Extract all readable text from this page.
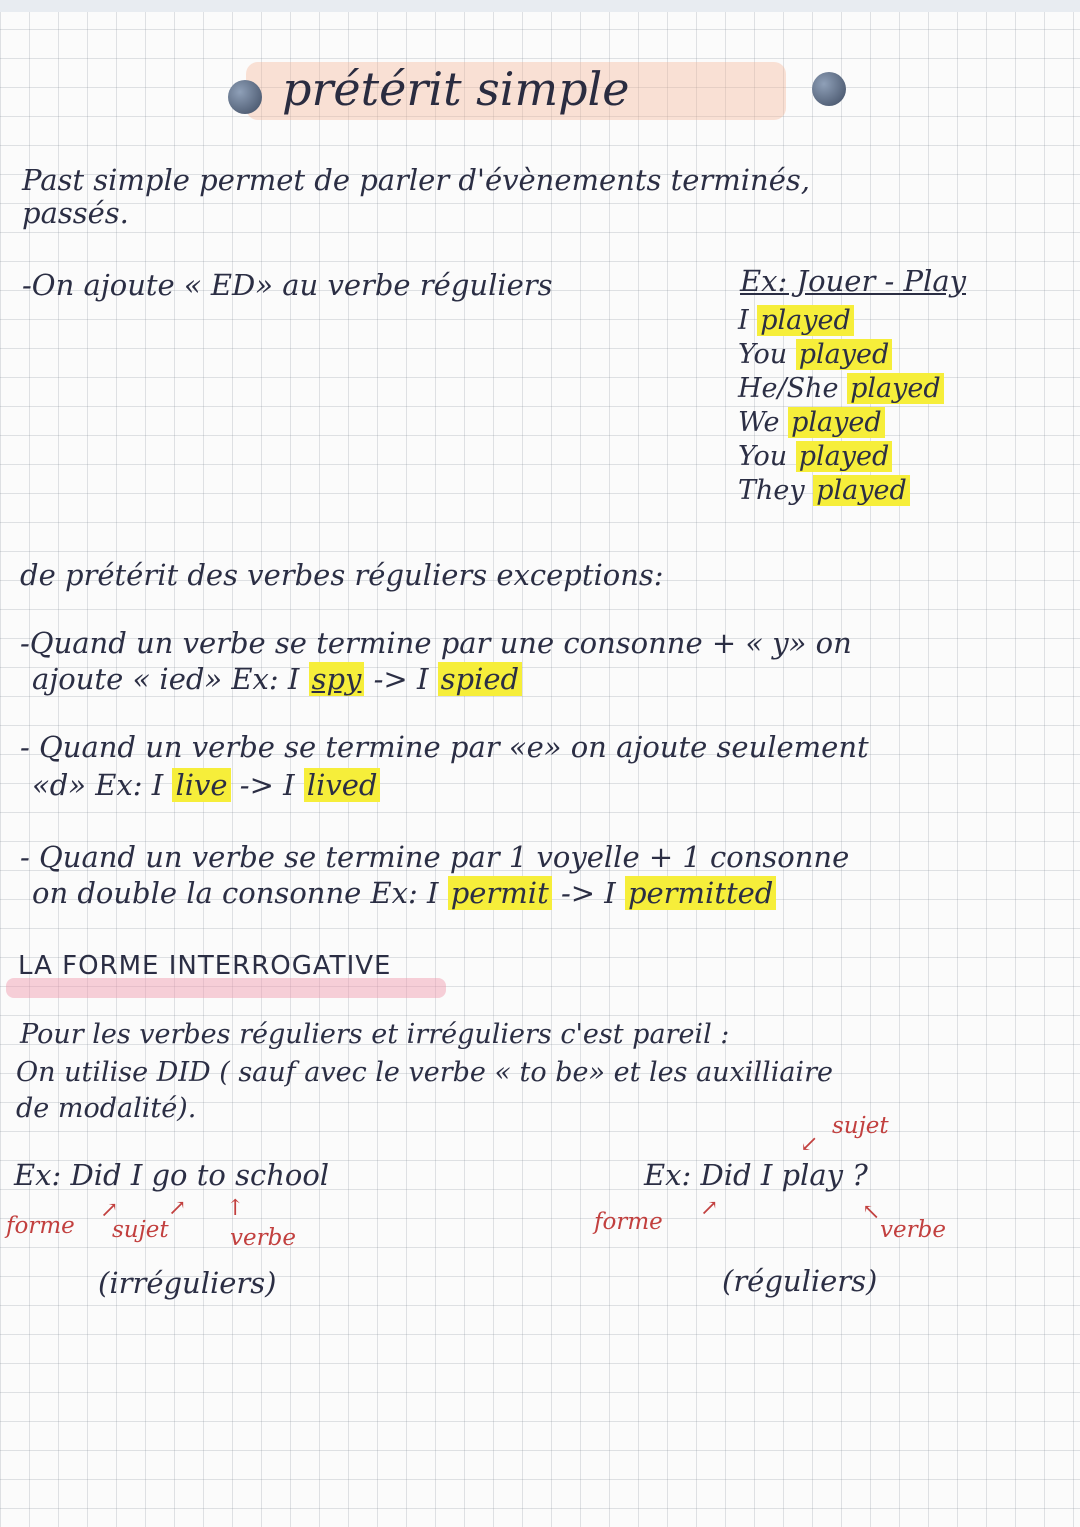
prétérit simple
Past simple permet de parler d'évènements terminés,
passés.
-On ajoute « ED» au verbe réguliers	Ex: Jouer - Play
I played
You played
He/She played
We played
You played
They played
de prétérit des verbes réguliers exceptions:
-Quand un verbe se termine par une consonne + « y» on
ajoute « ied» Ex: I spy -> I spied
- Quand un verbe se termine par «e» on ajoute seulement
«d» Ex: I live -> I lived
- Quand un verbe se termine par 1 voyelle + 1 consonne
on double la consonne Ex: I permit -> I permitted
LA FORME INTERROGATIVE
Pour les verbes réguliers et irréguliers c'est pareil :
On utilise DID ( sauf avec le verbe « to be» et les auxilliaire
de modalité).
Ex: Did I go to school
↗ ↗ ↑
forme sujet	verbe
(irréguliers)
sujet
↙
Ex: Did I play ?
↗	↖
forme	verbe
(réguliers)
